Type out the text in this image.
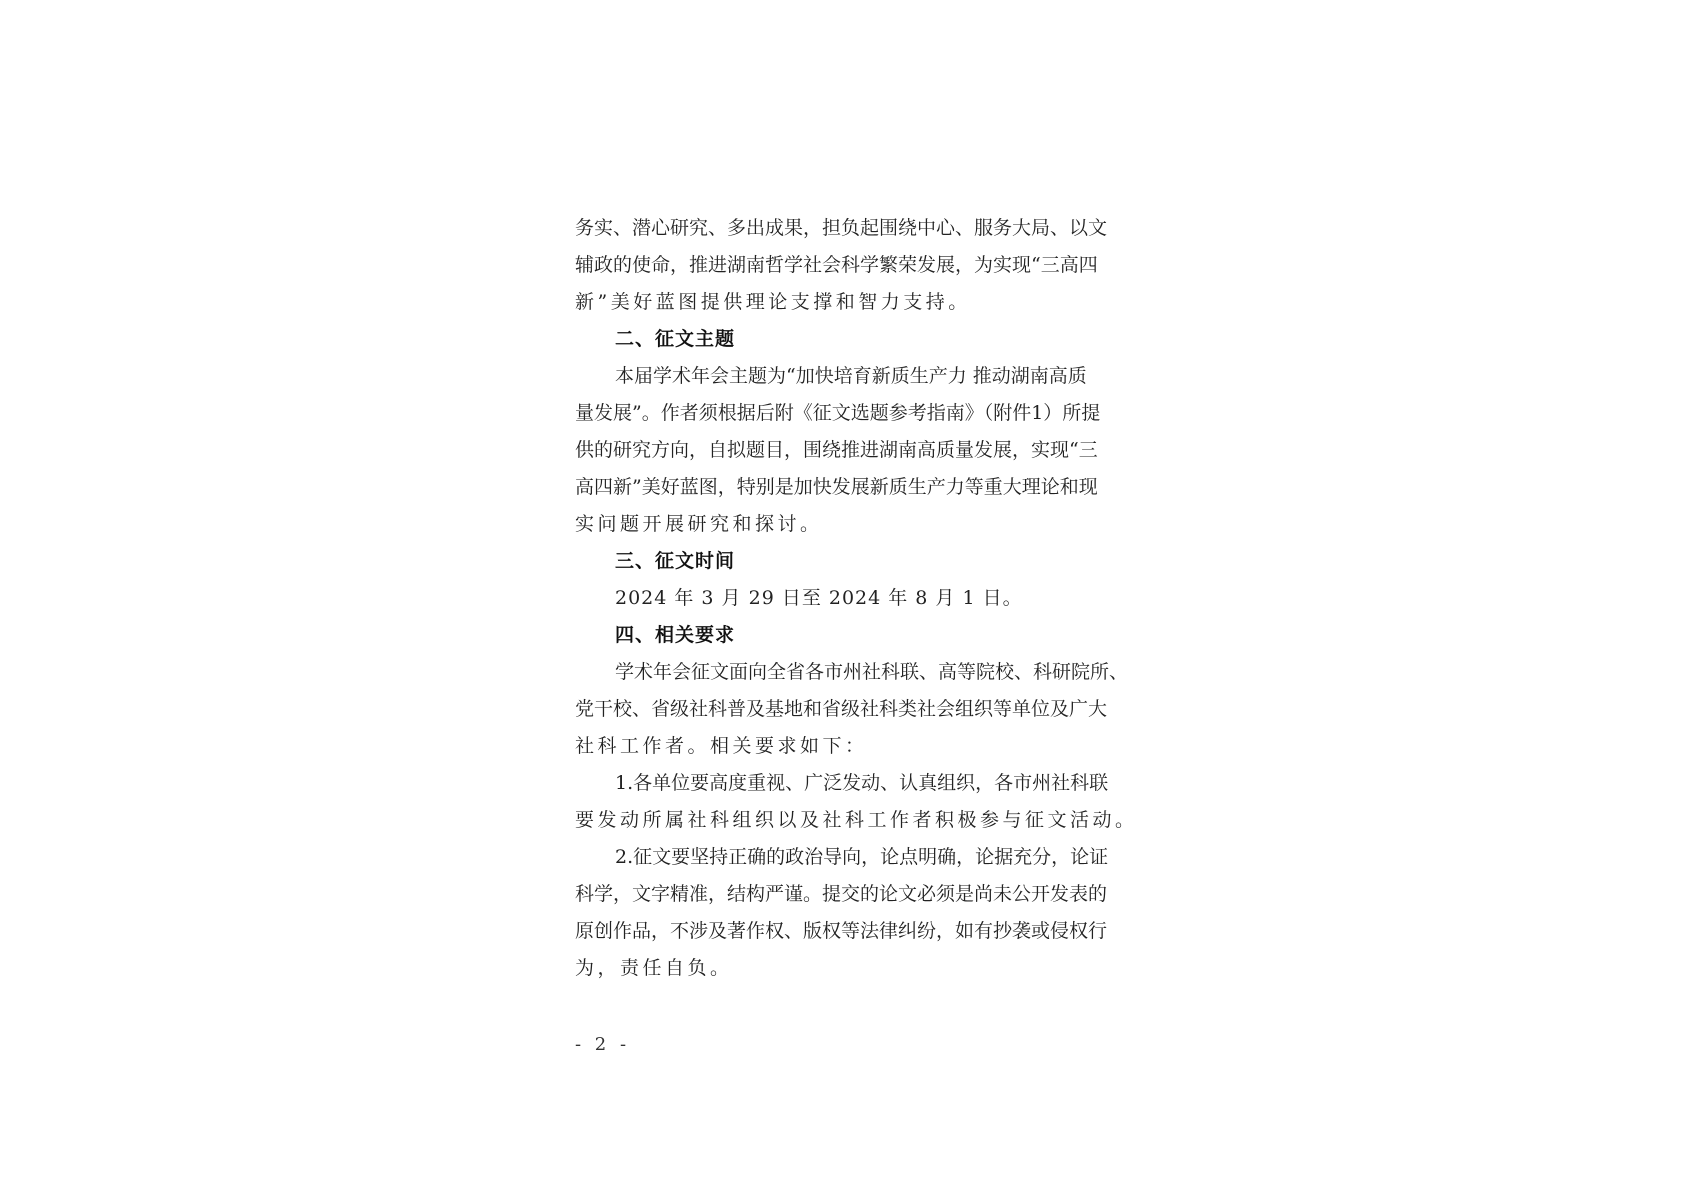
务实、潜心研究、多出成果，担负起围绕中心、服务大局、以文
辅政的使命，推进湖南哲学社会科学繁荣发展，为实现“三高四
新”美好蓝图提供理论支撑和智力支持。
二、征文主题
本届学术年会主题为“加快培育新质生产力 推动湖南高质
量发展”。作者须根据后附《征文选题参考指南》（附件1）所提
供的研究方向，自拟题目，围绕推进湖南高质量发展，实现“三
高四新”美好蓝图，特别是加快发展新质生产力等重大理论和现
实问题开展研究和探讨。
三、征文时间
2024 年 3 月 29 日至 2024 年 8 月 1 日。
四、相关要求
学术年会征文面向全省各市州社科联、高等院校、科研院所、
党干校、省级社科普及基地和省级社科类社会组织等单位及广大
社科工作者。相关要求如下：
1.各单位要高度重视、广泛发动、认真组织，各市州社科联
要发动所属社科组织以及社科工作者积极参与征文活动。
2.征文要坚持正确的政治导向，论点明确，论据充分，论证
科学，文字精准，结构严谨。提交的论文必须是尚未公开发表的
原创作品，不涉及著作权、版权等法律纠纷，如有抄袭或侵权行
为，责任自负。
- 2 -
